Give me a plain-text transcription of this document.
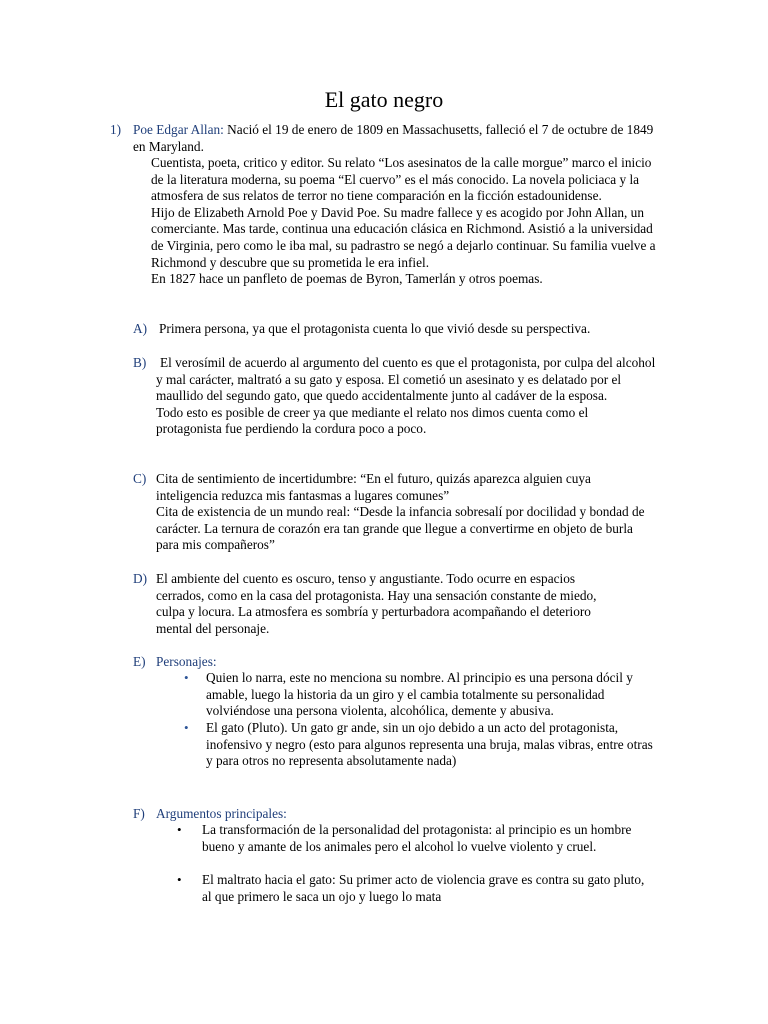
El gato negro
1) Poe Edgar Allan: Nació el 19 de enero de 1809 en Massachusetts, falleció el 7 de octubre de 1849 en Maryland.

Cuentista, poeta, critico y editor. Su relato “Los asesinatos de la calle morgue” marco el inicio de la literatura moderna, su poema “El cuervo” es el más conocido. La novela policiaca y la atmosfera de sus relatos de terror no tiene comparación en la ficción estadounidense.

Hijo de Elizabeth Arnold Poe y David Poe. Su madre fallece y es acogido por John Allan, un comerciante. Mas tarde, continua una educación clásica en Richmond. Asistió a la universidad de Virginia, pero como le iba mal, su padrastro se negó a dejarlo continuar. Su familia vuelve a Richmond y descubre que su prometida le era infiel.

En 1827 hace un panfleto de poemas de Byron, Tamerlán y otros poemas.

A) Primera persona, ya que el protagonista cuenta lo que vivió desde su perspectiva.
B)	El verosímil de acuerdo al argumento del cuento es que el protagonista, por culpa del alcohol y mal carácter, maltrató a su gato y esposa. El cometió un asesinato y es delatado por el maullido del segundo gato, que quedo accidentalmente junto al cadáver de la esposa.

Todo esto es posible de creer ya que mediante el relato nos dimos cuenta como el protagonista fue perdiendo la cordura poco a poco.

C) Cita de sentimiento de incertidumbre: “En el futuro, quizás aparezca alguien cuya inteligencia reduzca mis fantasmas a lugares comunes”

Cita de existencia de un mundo real: “Desde la infancia sobresalí por docilidad y bondad de carácter. La ternura de corazón era tan grande que llegue a convertirme en objeto de burla para mis compañeros”

D) El ambiente del cuento es oscuro, tenso y angustiante. Todo ocurre en espacios cerrados, como en la casa del protagonista. Hay una sensación constante de miedo, culpa y locura. La atmosfera es sombría y perturbadora acompañando el deterioro mental del personaje.
E) Personajes:
• Quien lo narra, este no menciona su nombre. Al principio es una persona dócil y amable, luego la historia da un giro y el cambia totalmente su personalidad volviéndose una persona violenta, alcohólica, demente y abusiva.
• El gato (Pluto). Un gato gr ande, sin un ojo debido a un acto del protagonista, inofensivo y negro (esto para algunos representa una bruja, malas vibras, entre otras y para otros no representa absolutamente nada)
F) Argumentos principales:
• La transformación de la personalidad del protagonista: al principio es un hombre bueno y amante de los animales pero el alcohol lo vuelve violento y cruel.
• El maltrato hacia el gato: Su primer acto de violencia grave es contra su gato pluto, al que primero le saca un ojo y luego lo mata
